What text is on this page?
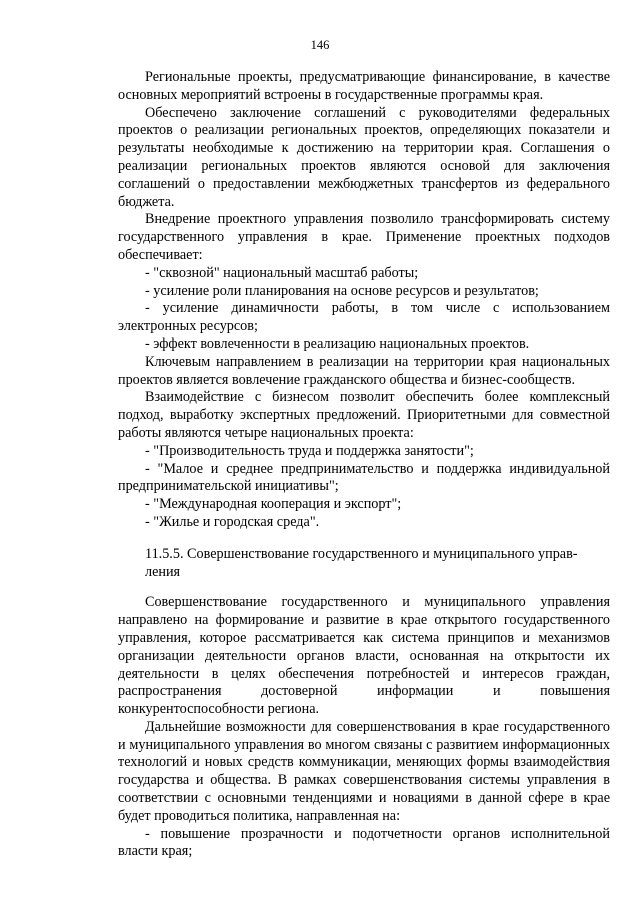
146

Региональные проекты, предусматривающие финансирование, в качестве основных мероприятий встроены в государственные программы края.

Обеспечено заключение соглашений с руководителями федеральных проектов о реализации региональных проектов, определяющих показатели и результаты необходимые к достижению на территории края. Соглашения о реализации региональных проектов являются основой для заключения соглашений о предоставлении межбюджетных трансфертов из федерального бюджета.

Внедрение проектного управления позволило трансформировать систему государственного управления в крае. Применение проектных подходов обеспечивает:

- "сквозной" национальный масштаб работы;

- усиление роли планирования на основе ресурсов и результатов;

- усиление динамичности работы, в том числе с использованием электронных ресурсов;

- эффект вовлеченности в реализацию национальных проектов.

Ключевым направлением в реализации на территории края национальных проектов является вовлечение гражданского общества и бизнес-сообществ.

Взаимодействие с бизнесом позволит обеспечить более комплексный подход, выработку экспертных предложений. Приоритетными для совместной работы являются четыре национальных проекта:

- "Производительность труда и поддержка занятости";

- "Малое и среднее предпринимательство и поддержка индивидуальной предпринимательской инициативы";

- "Международная кооперация и экспорт";

- "Жилье и городская среда".

11.5.5. Совершенствование государственного и муниципального управ-
ления

Совершенствование государственного и муниципального управления направлено на формирование и развитие в крае открытого государственного управления, которое рассматривается как система принципов и механизмов организации деятельности органов власти, основанная на открытости их деятельности в целях обеспечения потребностей и интересов граждан, распространения достоверной информации и повышения конкурентоспособности региона.

Дальнейшие возможности для совершенствования в крае государственного и муниципального управления во многом связаны с развитием информационных технологий и новых средств коммуникации, меняющих формы взаимодействия государства и общества. В рамках совершенствования системы управления в соответствии с основными тенденциями и новациями в данной сфере в крае будет проводиться политика, направленная на:

- повышение прозрачности и подотчетности органов исполнительной власти края;
